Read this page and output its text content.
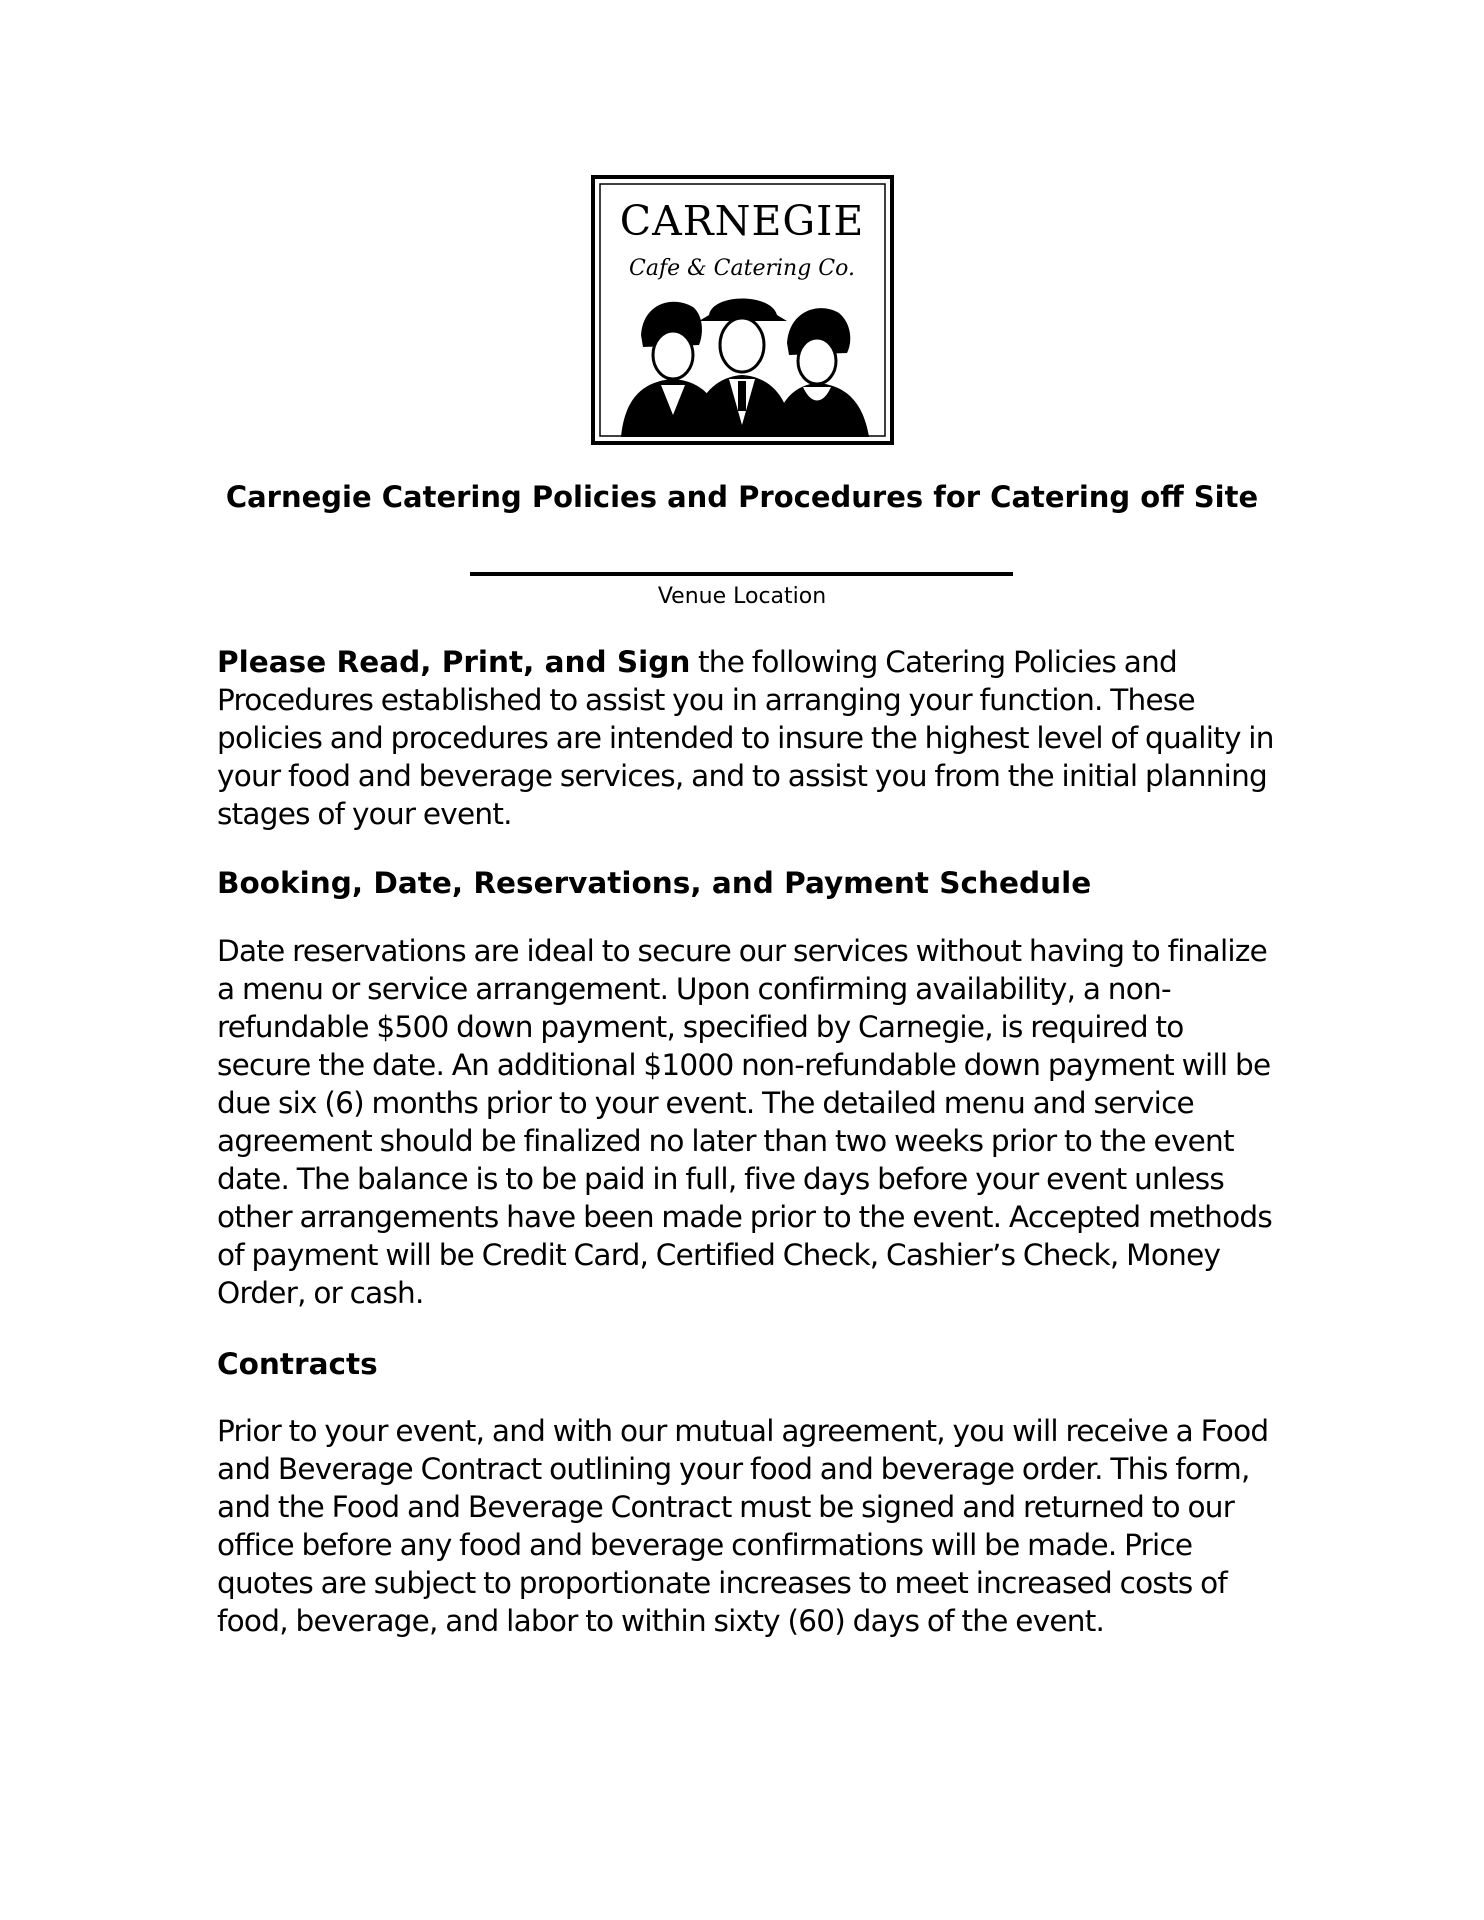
CARNEGIE
Cafe & Catering Co.
Carnegie Catering Policies and Procedures for Catering off Site
Venue Location

Please Read, Print, and Sign the following Catering Policies and Procedures established to assist you in arranging your function. These policies and procedures are intended to insure the highest level of quality in your food and beverage services, and to assist you from the initial planning stages of your event.

Booking, Date, Reservations, and Payment Schedule

Date reservations are ideal to secure our services without having to finalize a menu or service arrangement. Upon confirming availability, a non-refundable $500 down payment, specified by Carnegie, is required to secure the date. An additional $1000 non-refundable down payment will be due six (6) months prior to your event. The detailed menu and service agreement should be finalized no later than two weeks prior to the event date. The balance is to be paid in full, five days before your event unless other arrangements have been made prior to the event. Accepted methods of payment will be Credit Card, Certified Check, Cashier’s Check, Money Order, or cash.

Contracts

Prior to your event, and with our mutual agreement, you will receive a Food and Beverage Contract outlining your food and beverage order. This form, and the Food and Beverage Contract must be signed and returned to our office before any food and beverage confirmations will be made. Price quotes are subject to proportionate increases to meet increased costs of food, beverage, and labor to within sixty (60) days of the event.
